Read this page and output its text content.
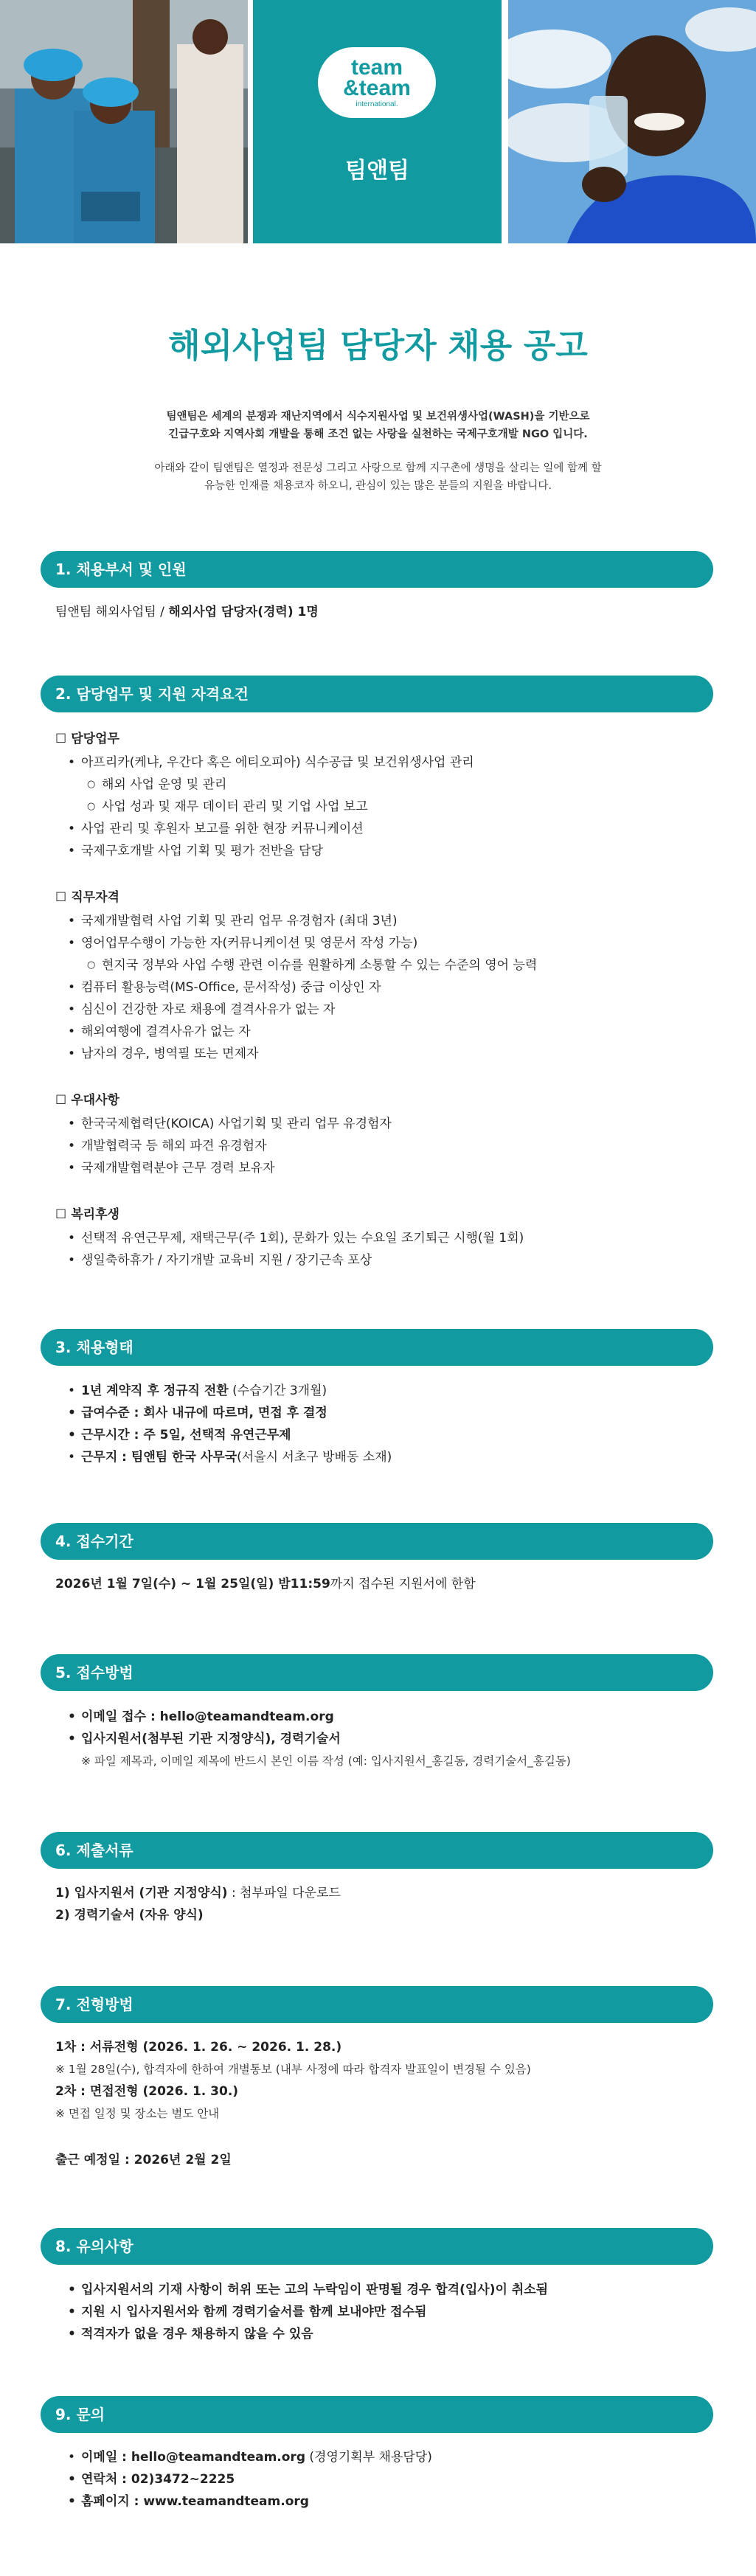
team
&team
international.
팀앤팀
해외사업팀 담당자 채용 공고
팀앤팀은 세계의 분쟁과 재난지역에서 식수지원사업 및 보건위생사업(WASH)을 기반으로
긴급구호와 지역사회 개발을 통해 조건 없는 사랑을 실천하는 국제구호개발 NGO 입니다.
아래와 같이 팀앤팀은 열정과 전문성 그리고 사랑으로 함께 지구촌에 생명을 살리는 일에 함께 할
유능한 인재를 채용코자 하오니, 관심이 있는 많은 분들의 지원을 바랍니다.
1. 채용부서 및 인원
팀앤팀 해외사업팀 / 해외사업 담당자(경력) 1명
2. 담당업무 및 지원 자격요건
☐ 담당업무
• 아프리카(케냐, 우간다 혹은 에티오피아) 식수공급 및 보건위생사업 관리
○ 해외 사업 운영 및 관리
○ 사업 성과 및 재무 데이터 관리 및 기업 사업 보고
• 사업 관리 및 후원자 보고를 위한 현장 커뮤니케이션
• 국제구호개발 사업 기획 및 평가 전반을 담당
☐ 직무자격
• 국제개발협력 사업 기획 및 관리 업무 유경험자 (최대 3년)
• 영어업무수행이 가능한 자(커뮤니케이션 및 영문서 작성 가능)
○ 현지국 정부와 사업 수행 관련 이슈를 원활하게 소통할 수 있는 수준의 영어 능력
• 컴퓨터 활용능력(MS-Office, 문서작성) 중급 이상인 자
• 심신이 건강한 자로 채용에 결격사유가 없는 자
• 해외여행에 결격사유가 없는 자
• 남자의 경우, 병역필 또는 면제자
☐ 우대사항
• 한국국제협력단(KOICA) 사업기획 및 관리 업무 유경험자
• 개발협력국 등 해외 파견 유경험자
• 국제개발협력분야 근무 경력 보유자
☐ 복리후생
• 선택적 유연근무제, 재택근무(주 1회), 문화가 있는 수요일 조기퇴근 시행(월 1회)
• 생일축하휴가 / 자기개발 교육비 지원 / 장기근속 포상
3. 채용형태
• 1년 계약직 후 정규직 전환 (수습기간 3개월)
• 급여수준 : 회사 내규에 따르며, 면접 후 결정
• 근무시간 : 주 5일, 선택적 유연근무제
• 근무지 : 팀앤팀 한국 사무국(서울시 서초구 방배동 소재)
4. 접수기간
2026년 1월 7일(수) ~ 1월 25일(일) 밤11:59까지 접수된 지원서에 한함
5. 접수방법
• 이메일 접수 : hello@teamandteam.org
• 입사지원서(첨부된 기관 지정양식), 경력기술서
※ 파일 제목과, 이메일 제목에 반드시 본인 이름 작성 (예: 입사지원서_홍길동, 경력기술서_홍길동)
6. 제출서류
1) 입사지원서 (기관 지정양식) : 첨부파일 다운로드
2) 경력기술서 (자유 양식)
7. 전형방법
1차 : 서류전형 (2026. 1. 26. ~ 2026. 1. 28.)
※ 1월 28일(수), 합격자에 한하여 개별통보 (내부 사정에 따라 합격자 발표일이 변경될 수 있음)
2차 : 면접전형 (2026. 1. 30.)
※ 면접 일정 및 장소는 별도 안내
출근 예정일 : 2026년 2월 2일
8. 유의사항
• 입사지원서의 기재 사항이 허위 또는 고의 누락임이 판명될 경우 합격(입사)이 취소됨
• 지원 시 입사지원서와 함께 경력기술서를 함께 보내야만 접수됨
• 적격자가 없을 경우 채용하지 않을 수 있음
9. 문의
• 이메일 : hello@teamandteam.org (경영기획부 채용담당)
• 연락처 : 02)3472~2225
• 홈페이지 : www.teamandteam.org
